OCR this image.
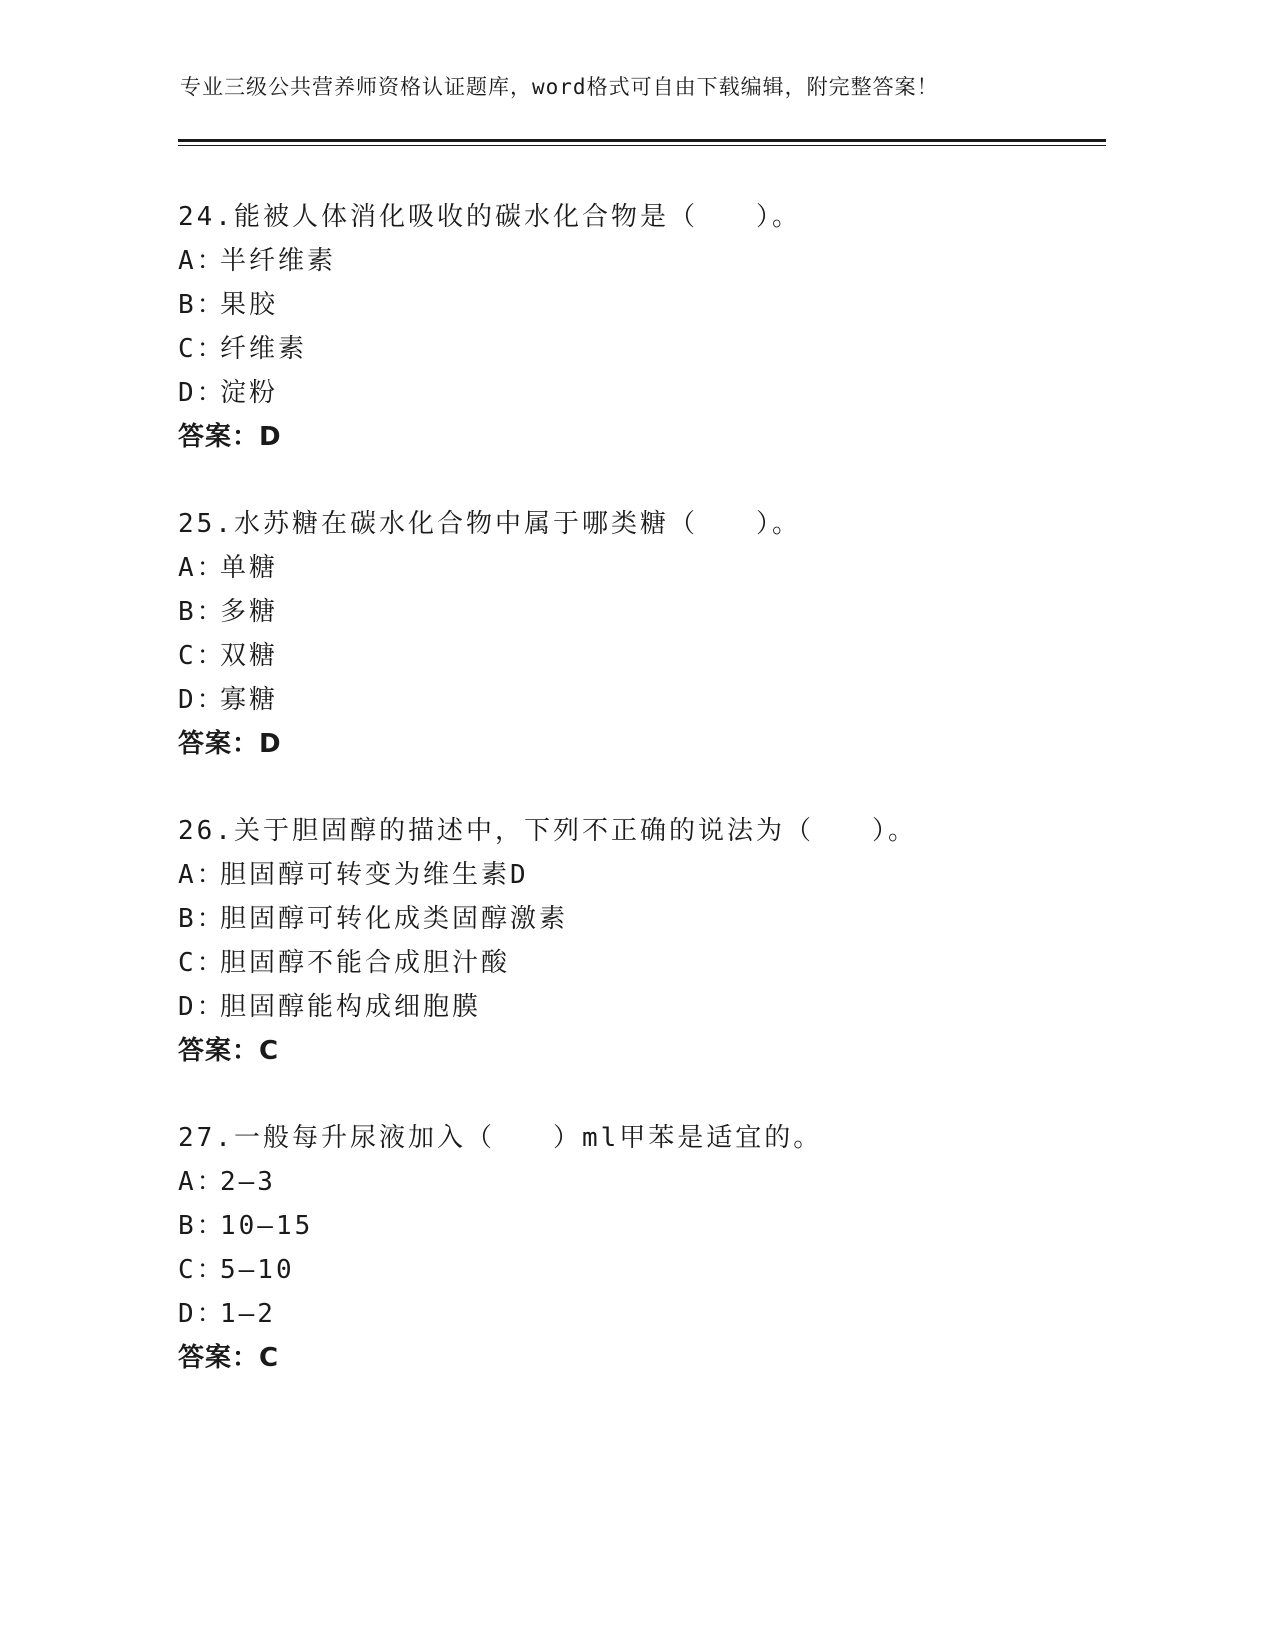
专业三级公共营养师资格认证题库，word格式可自由下载编辑，附完整答案！
24.能被人体消化吸收的碳水化合物是（　　）。
A：半纤维素
B：果胶
C：纤维素
D：淀粉
答案：D
25.水苏糖在碳水化合物中属于哪类糖（　　）。
A：单糖
B：多糖
C：双糖
D：寡糖
答案：D
26.关于胆固醇的描述中，下列不正确的说法为（　　）。
A：胆固醇可转变为维生素D
B：胆固醇可转化成类固醇激素
C：胆固醇不能合成胆汁酸
D：胆固醇能构成细胞膜
答案：C
27.一般每升尿液加入（　　）ml甲苯是适宜的。
A：2—3
B：10—15
C：5—10
D：1—2
答案：C
